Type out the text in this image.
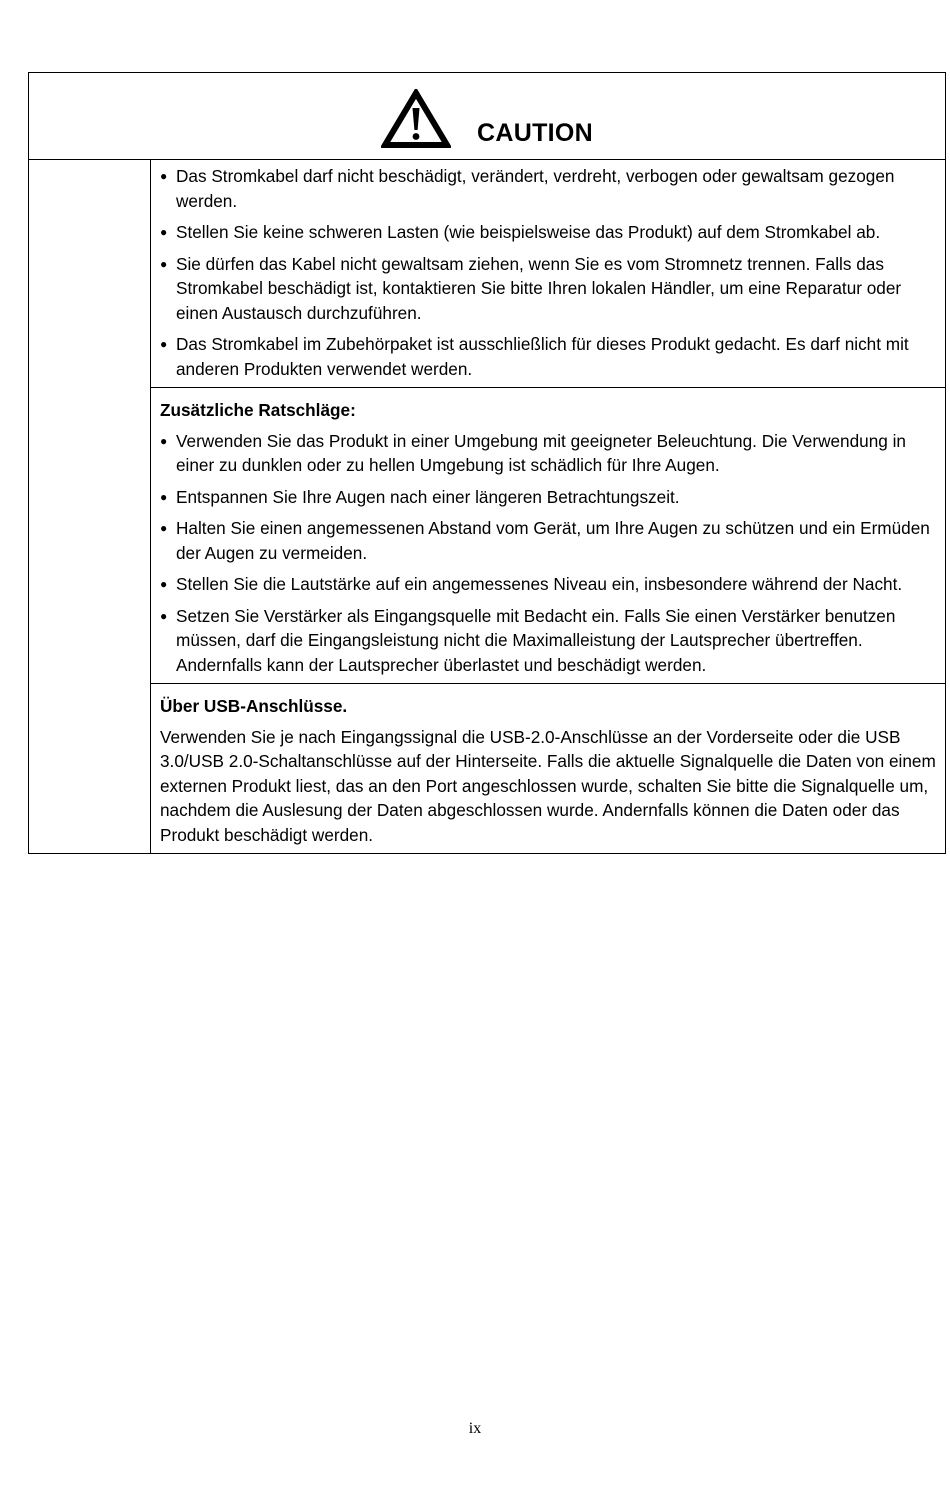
CAUTION

● Das Stromkabel darf nicht beschädigt, verändert, verdreht, verbogen oder gewaltsam gezogen werden.
● Stellen Sie keine schweren Lasten (wie beispielsweise das Produkt) auf dem Stromkabel ab.
● Sie dürfen das Kabel nicht gewaltsam ziehen, wenn Sie es vom Stromnetz trennen. Falls das Stromkabel beschädigt ist, kontaktieren Sie bitte Ihren lokalen Händler, um eine Reparatur oder einen Austausch durchzuführen.
● Das Stromkabel im Zubehörpaket ist ausschließlich für dieses Produkt gedacht. Es darf nicht mit anderen Produkten verwendet werden.

Zusätzliche Ratschläge:
● Verwenden Sie das Produkt in einer Umgebung mit geeigneter Beleuchtung. Die Verwendung in einer zu dunklen oder zu hellen Umgebung ist schädlich für Ihre Augen.
● Entspannen Sie Ihre Augen nach einer längeren Betrachtungszeit.
● Halten Sie einen angemessenen Abstand vom Gerät, um Ihre Augen zu schützen und ein Ermüden der Augen zu vermeiden.
● Stellen Sie die Lautstärke auf ein angemessenes Niveau ein, insbesondere während der Nacht.
● Setzen Sie Verstärker als Eingangsquelle mit Bedacht ein. Falls Sie einen Verstärker benutzen müssen, darf die Eingangsleistung nicht die Maximalleistung der Lautsprecher übertreffen. Andernfalls kann der Lautsprecher überlastet und beschädigt werden.

Über USB-Anschlüsse.

Verwenden Sie je nach Eingangssignal die USB-2.0-Anschlüsse an der Vorderseite oder die USB 3.0/USB 2.0-Schaltanschlüsse auf der Hinterseite. Falls die aktuelle Signalquelle die Daten von einem externen Produkt liest, das an den Port angeschlossen wurde, schalten Sie bitte die Signalquelle um, nachdem die Auslesung der Daten abgeschlossen wurde. Andernfalls können die Daten oder das Produkt beschädigt werden.

ix
